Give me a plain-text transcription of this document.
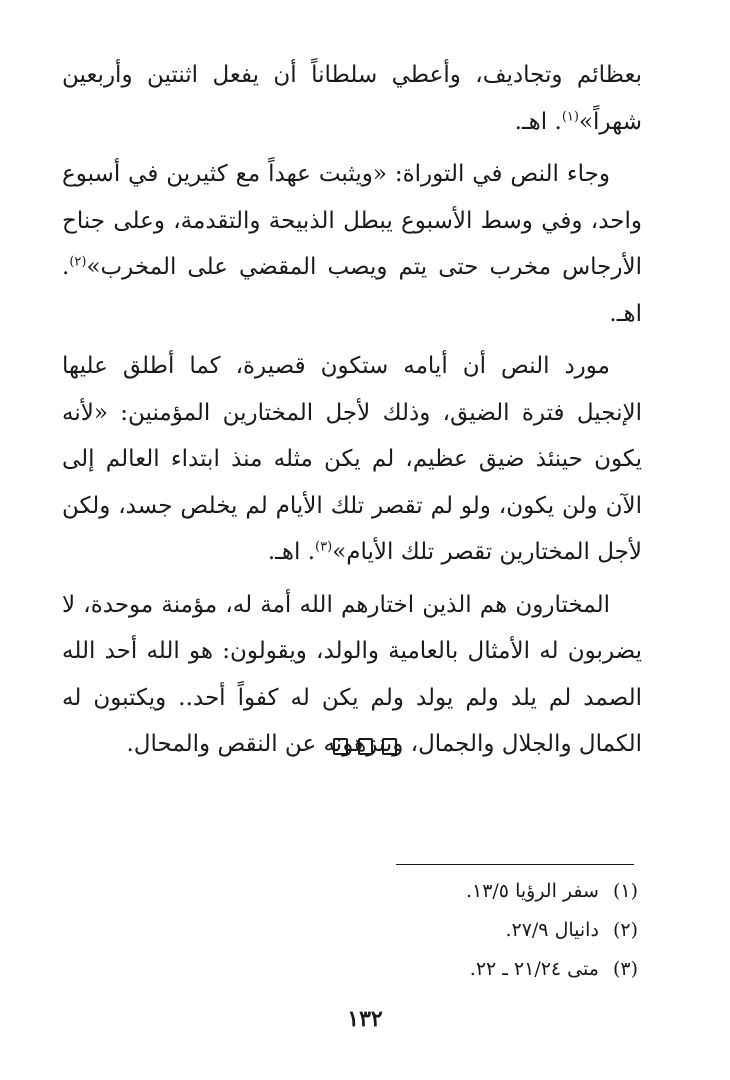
بعظائم وتجاديف، وأعطي سلطاناً أن يفعل اثنتين وأربعين شهراً»$^{(١)}$. اهـ.

وجاء النص في التوراة: «ويثبت عهداً مع كثيرين في أسبوع واحد، وفي وسط الأسبوع يبطل الذبيحة والتقدمة، وعلى جناح الأرجاس مخرب حتى يتم ويصب المقضي على المخرب»$^{(٢)}$. اهـ.

مورد النص أن أيامه ستكون قصيرة، كما أطلق عليها الإنجيل فترة الضيق، وذلك لأجل المختارين المؤمنين: «لأنه يكون حينئذ ضيق عظيم، لم يكن مثله منذ ابتداء العالم إلى الآن ولن يكون، ولو لم تقصر تلك الأيام لم يخلص جسد، ولكن لأجل المختارين تقصر تلك الأيام»$^{(٣)}$. اهـ.

المختارون هم الذين اختارهم الله أمة له، مؤمنة موحدة، لا يضربون له الأمثال بالعامية والولد، ويقولون: هو الله أحد الله الصمد لم يلد ولم يولد ولم يكن له كفواً أحد.. ويكتبون له الكمال والجلال والجمال، وينزهونه عن النقص والمحال.

(١)سفر الرؤيا ١٣/٥.
(٢)دانيال ٢٧/٩.
(٣)متى ٢١/٢٤ ـ ٢٢.
١٣٢
